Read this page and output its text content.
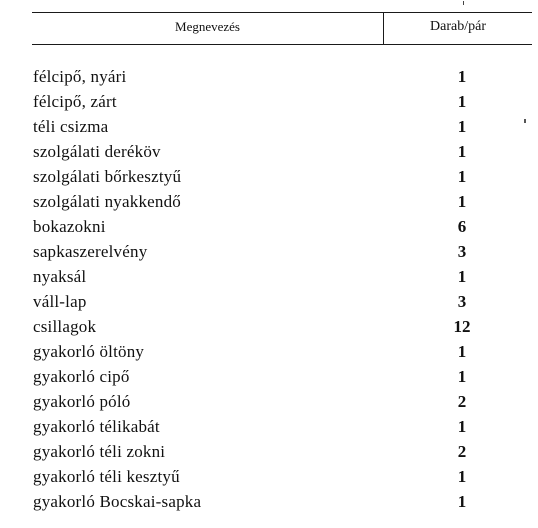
Megnevezés	Darab/pár
félcipő, nyári	1
félcipő, zárt	1
téli csizma	1
szolgálati deréköv	1
szolgálati bőrkesztyű	1
szolgálati nyakkendő	1
bokazokni	6
sapkaszerelvény	3
nyaksál	1
váll-lap	3
csillagok	12
gyakorló öltöny	1
gyakorló cipő	1
gyakorló póló	2
gyakorló télikabát	1
gyakorló téli zokni	2
gyakorló téli kesztyű	1
gyakorló Bocskai-sapka	1
